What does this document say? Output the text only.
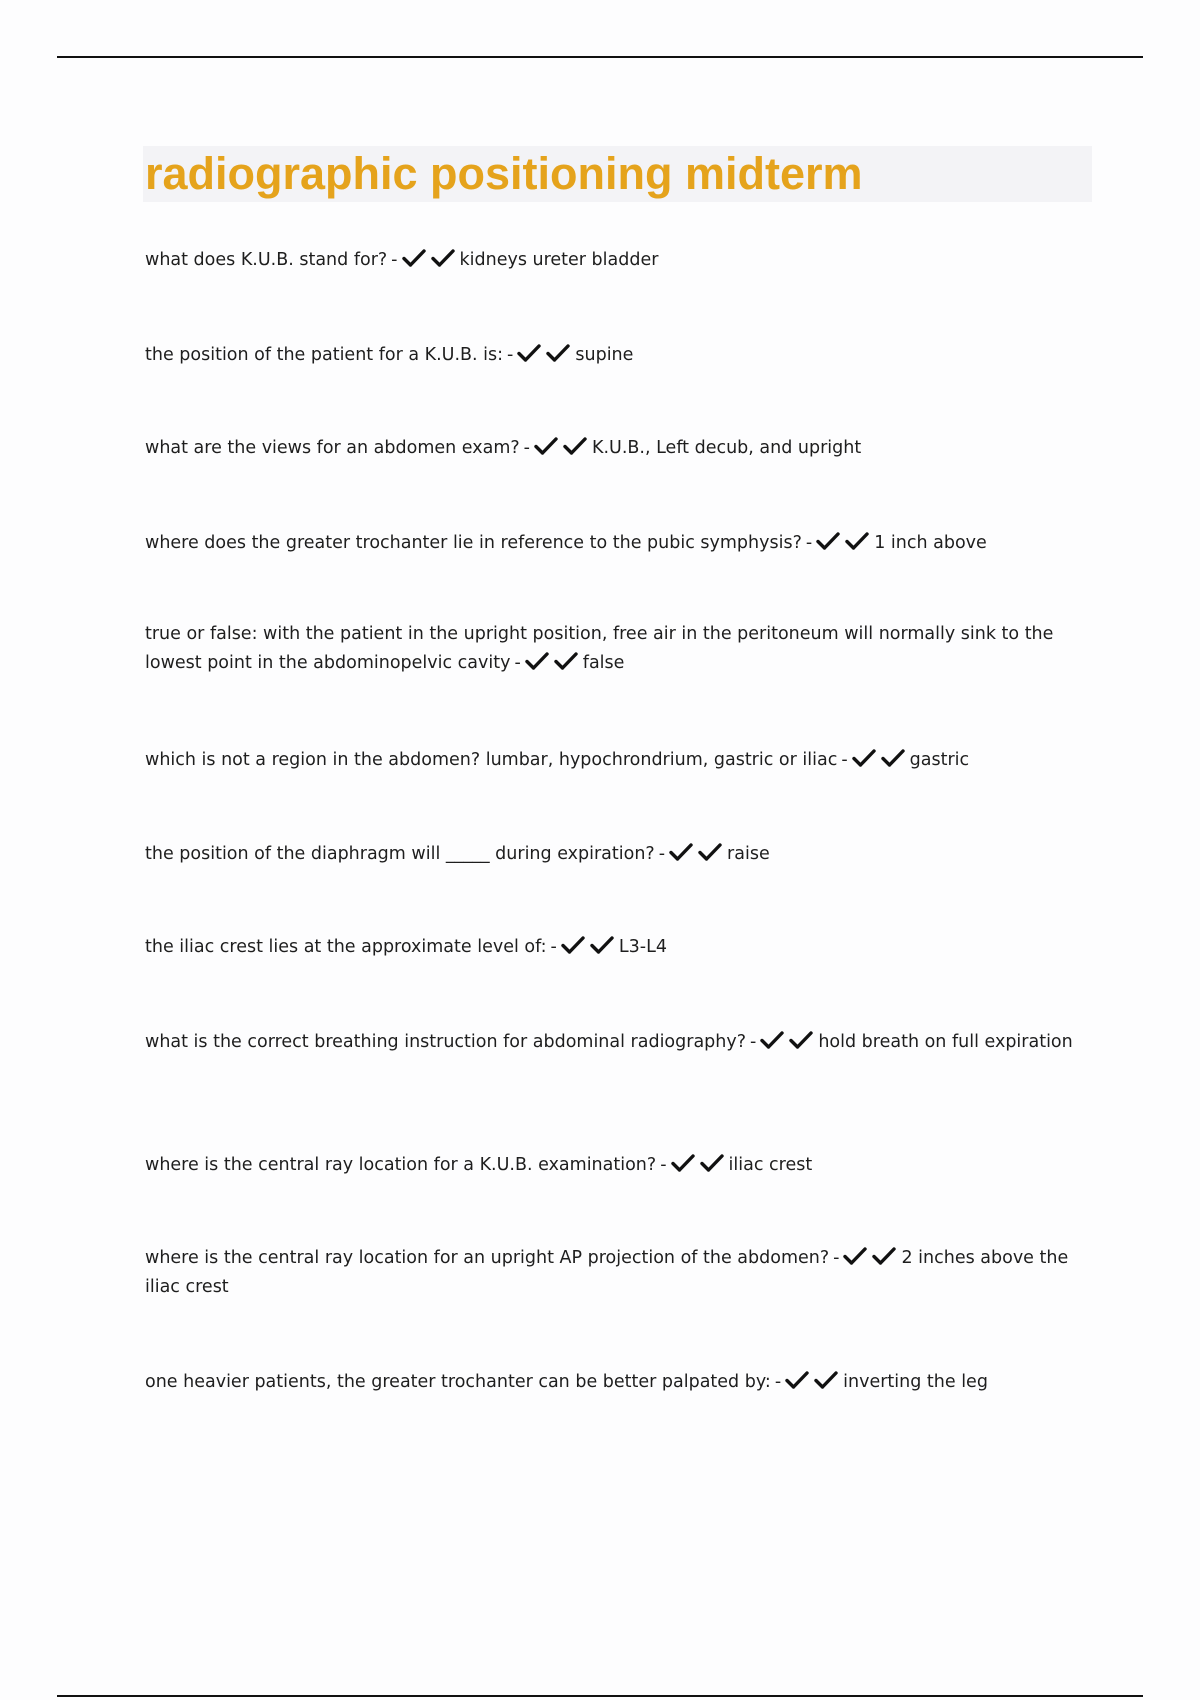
radiographic positioning midterm

what does K.U.B. stand for? -	kidneys ureter bladder

the position of the patient for a K.U.B. is: -	supine

what are the views for an abdomen exam? -	K.U.B., Left decub, and upright

where does the greater trochanter lie in reference to the pubic symphysis? -	1 inch above

true or false: with the patient in the upright position, free air in the peritoneum will normally sink to the lowest point in the abdominopelvic cavity -	false

which is not a region in the abdomen? lumbar, hypochrondrium, gastric or iliac -	gastric

the position of the diaphragm will _____ during expiration? -	raise

the iliac crest lies at the approximate level of: -	L3-L4

what is the correct breathing instruction for abdominal radiography? -	hold breath on full expiration

where is the central ray location for a K.U.B. examination? -	iliac crest

where is the central ray location for an upright AP projection of the abdomen? -	2 inches above the iliac crest

one heavier patients, the greater trochanter can be better palpated by: -	inverting the leg
